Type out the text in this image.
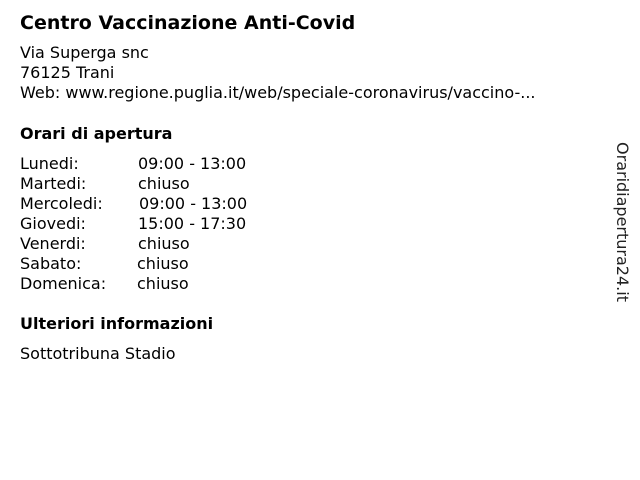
Centro Vaccinazione Anti-Covid
Via Superga snc
76125 Trani
Web: www.regione.puglia.it/web/speciale-coronavirus/vaccino-...
Orari di apertura
Lunedi:	09:00 - 13:00
Martedi:	chiuso
Mercoledi: 09:00 - 13:00
Giovedi:	15:00 - 17:30
Venerdi:	chiuso
Sabato:	chiuso
Domenica: chiuso
Ulteriori informazioni
Sottotribuna Stadio
Oraridiapertura24.it
